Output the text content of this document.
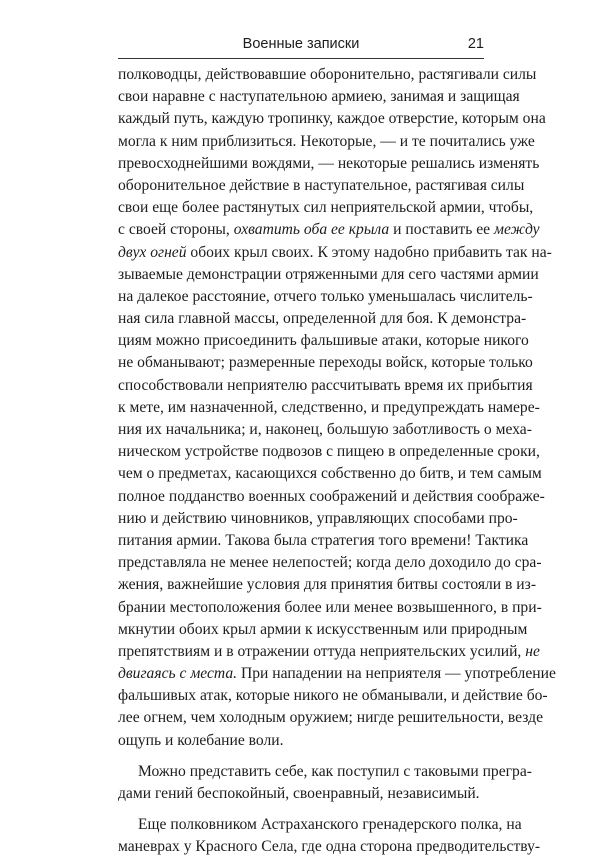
Военные записки	21
полководцы, действовавшие оборонительно, растягивали силы
свои наравне с наступательною армиею, занимая и защищая
каждый путь, каждую тропинку, каждое отверстие, которым она
могла к ним приблизиться. Некоторые, — и те почитались уже
превосходнейшими вождями, — некоторые решались изменять
оборонительное действие в наступательное, растягивая силы
свои еще более растянутых сил неприятельской армии, чтобы,
с своей стороны, охватить оба ее крыла и поставить ее между
двух огней обоих крыл своих. К этому надобно прибавить так на-
зываемые демонстрации отряженными для сего частями армии
на далекое расстояние, отчего только уменьшалась числитель-
ная сила главной массы, определенной для боя. К демонстра-
циям можно присоединить фальшивые атаки, которые никого
не обманывают; размеренные переходы войск, которые только
способствовали неприятелю рассчитывать время их прибытия
к мете, им назначенной, следственно, и предупреждать намере-
ния их начальника; и, наконец, большую заботливость о меха-
ническом устройстве подвозов с пищею в определенные сроки,
чем о предметах, касающихся собственно до битв, и тем самым
полное подданство военных соображений и действия соображе-
нию и действию чиновников, управляющих способами про-
питания армии. Такова была стратегия того времени! Тактика
представляла не менее нелепостей; когда дело доходило до сра-
жения, важнейшие условия для принятия битвы состояли в из-
брании местоположения более или менее возвышенного, в при-
мкнутии обоих крыл армии к искусственным или природным
препятствиям и в отражении оттуда неприятельских усилий, не
двигаясь с места. При нападении на неприятеля — употребление
фальшивых атак, которые никого не обманывали, и действие бо-
лее огнем, чем холодным оружием; нигде решительности, везде
ощупь и колебание воли.
Можно представить себе, как поступил с таковыми прегра-
дами гений беспокойный, своенравный, независимый.
Еще полковником Астраханского гренадерского полка, на
маневрах у Красного Села, где одна сторона предводительству-
